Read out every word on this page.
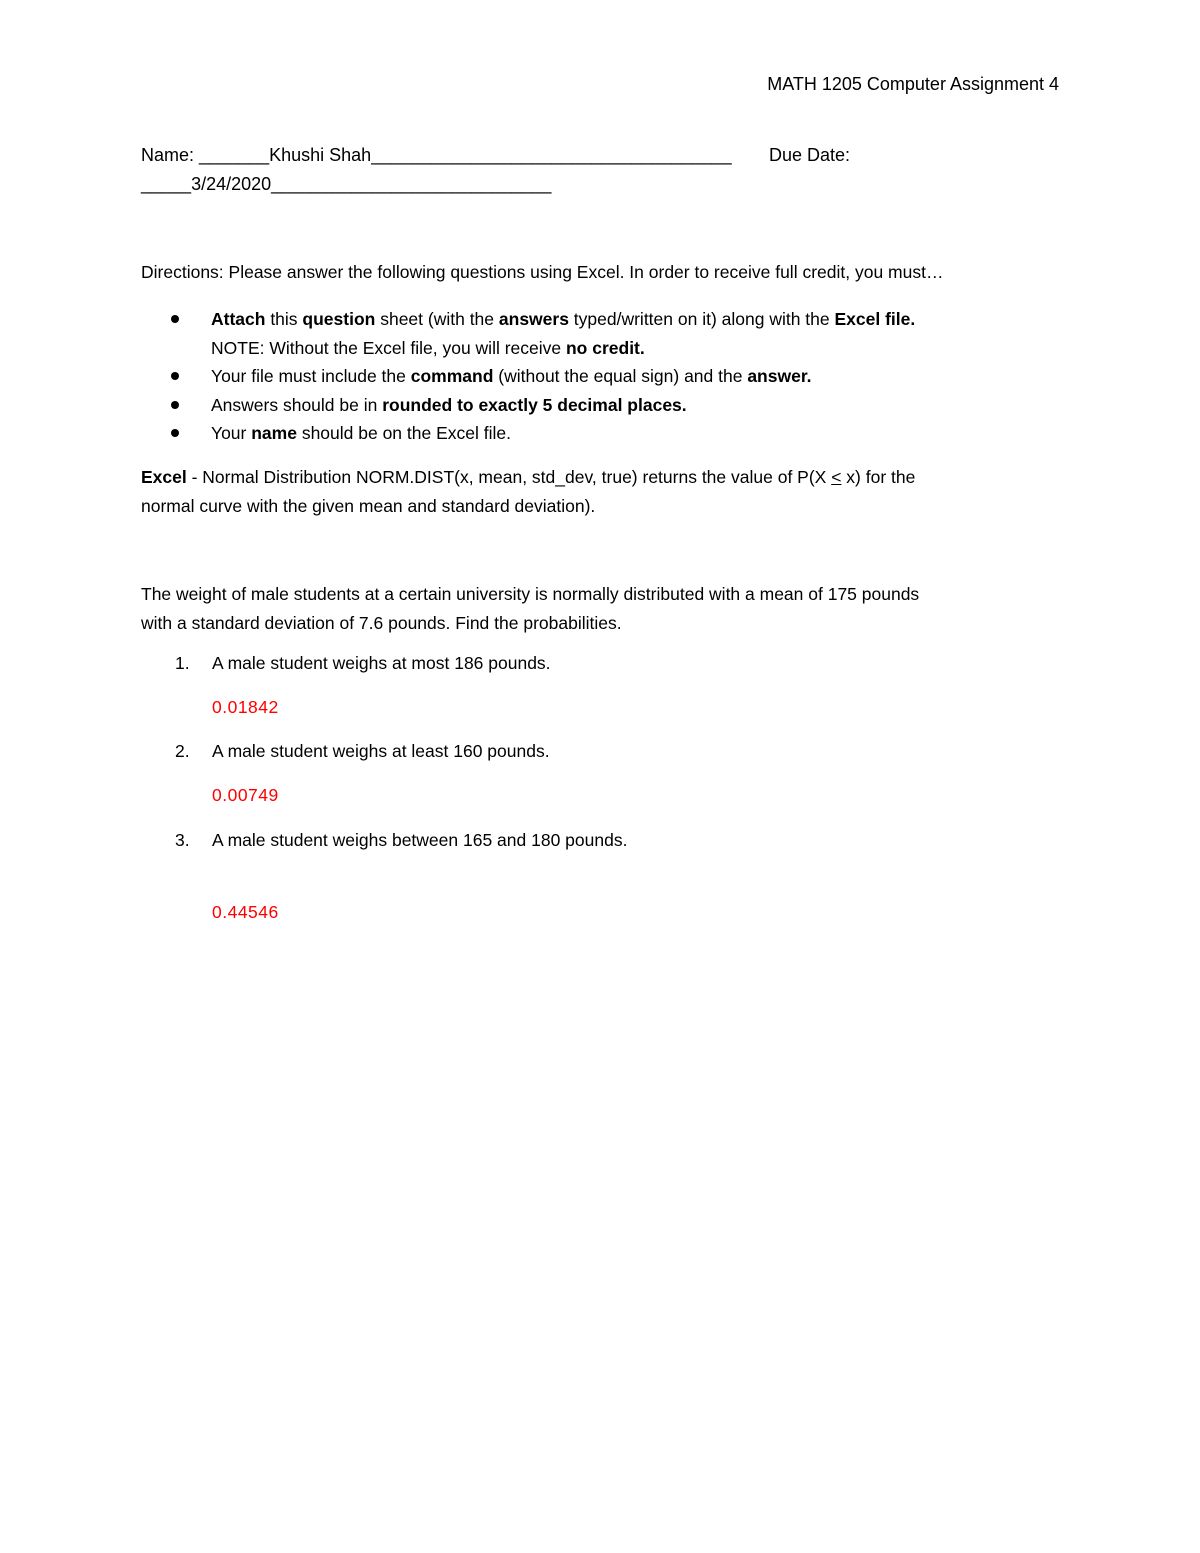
MATH 1205 Computer Assignment 4
Name: _______Khushi Shah____________________________________ Due Date:
_____3/24/2020____________________________
Directions: Please answer the following questions using Excel. In order to receive full credit, you must…
Attach this question sheet (with the answers typed/written on it) along with the Excel file.
NOTE: Without the Excel file, you will receive no credit.
Your file must include the command (without the equal sign) and the answer.
Answers should be in rounded to exactly 5 decimal places.
Your name should be on the Excel file.
Excel - Normal Distribution NORM.DIST(x, mean, std_dev, true) returns the value of P(X ≤ x) for the
normal curve with the given mean and standard deviation).
The weight of male students at a certain university is normally distributed with a mean of 175 pounds
with a standard deviation of 7.6 pounds. Find the probabilities.
1. A male student weighs at most 186 pounds.
0.01842
2. A male student weighs at least 160 pounds.
0.00749
3. A male student weighs between 165 and 180 pounds.
0.44546
